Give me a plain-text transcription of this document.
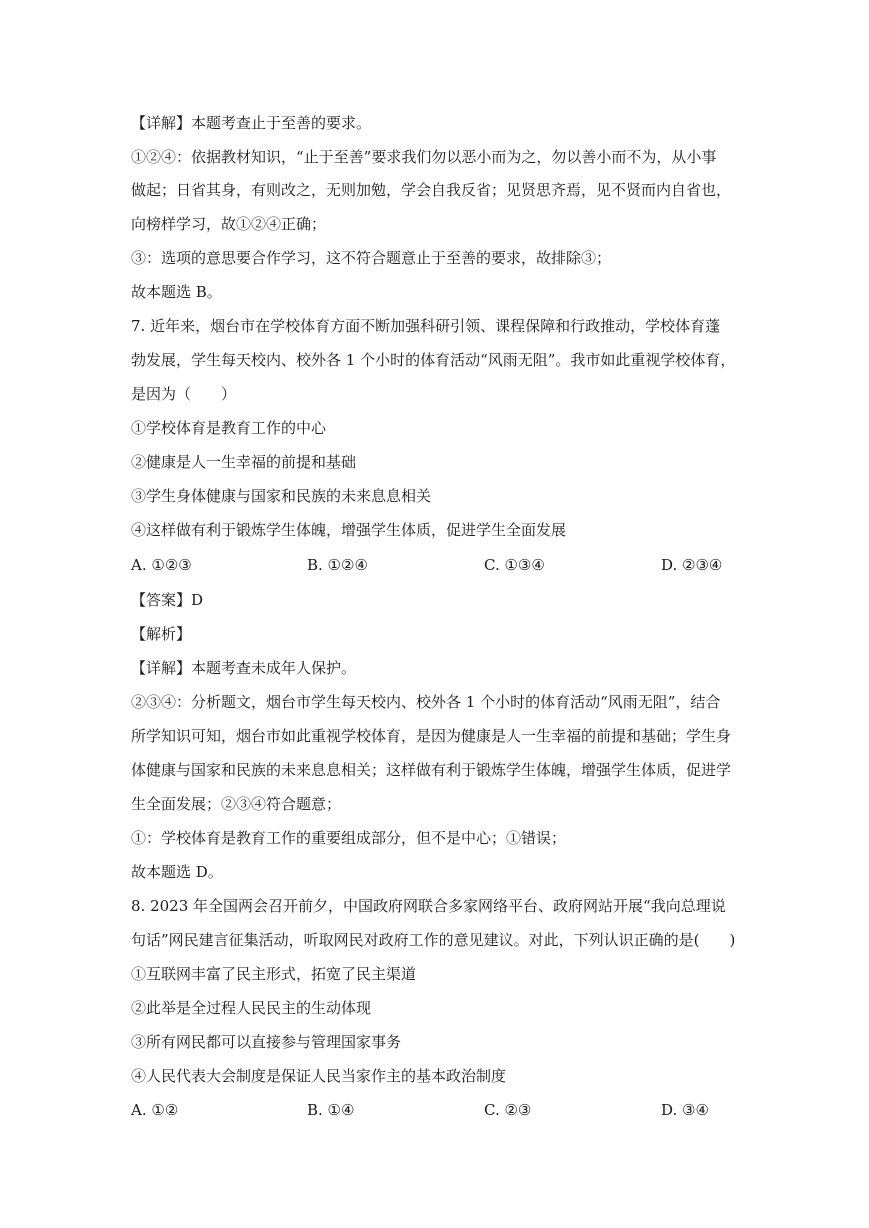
【详解】本题考查止于至善的要求。
①②④：依据教材知识，“止于至善”要求我们勿以恶小而为之，勿以善小而不为，从小事
做起；日省其身，有则改之，无则加勉，学会自我反省；见贤思齐焉，见不贤而内自省也，
向榜样学习，故①②④正确；
③：选项的意思要合作学习，这不符合题意止于至善的要求，故排除③；
故本题选 B。
7. 近年来，烟台市在学校体育方面不断加强科研引领、课程保障和行政推动，学校体育蓬
勃发展，学生每天校内、校外各 1 个小时的体育活动“风雨无阻”。我市如此重视学校体育，
是因为（　　）
①学校体育是教育工作的中心
②健康是人一生幸福的前提和基础
③学生身体健康与国家和民族的未来息息相关
④这样做有利于锻炼学生体魄，增强学生体质，促进学生全面发展
A. ①②③	B. ①②④	C. ①③④	D. ②③④
【答案】D
【解析】
【详解】本题考查未成年人保护。
②③④：分析题文，烟台市学生每天校内、校外各 1 个小时的体育活动“风雨无阻”，结合
所学知识可知，烟台市如此重视学校体育，是因为健康是人一生幸福的前提和基础；学生身
体健康与国家和民族的未来息息相关；这样做有利于锻炼学生体魄，增强学生体质，促进学
生全面发展；②③④符合题意；
①：学校体育是教育工作的重要组成部分，但不是中心；①错误；
故本题选 D。
8. 2023 年全国两会召开前夕，中国政府网联合多家网络平台、政府网站开展“我向总理说
句话”网民建言征集活动，听取网民对政府工作的意见建议。对此，下列认识正确的是(　　)
①互联网丰富了民主形式，拓宽了民主渠道
②此举是全过程人民民主的生动体现
③所有网民都可以直接参与管理国家事务
④人民代表大会制度是保证人民当家作主的基本政治制度
A. ①②	B. ①④	C. ②③	D. ③④
